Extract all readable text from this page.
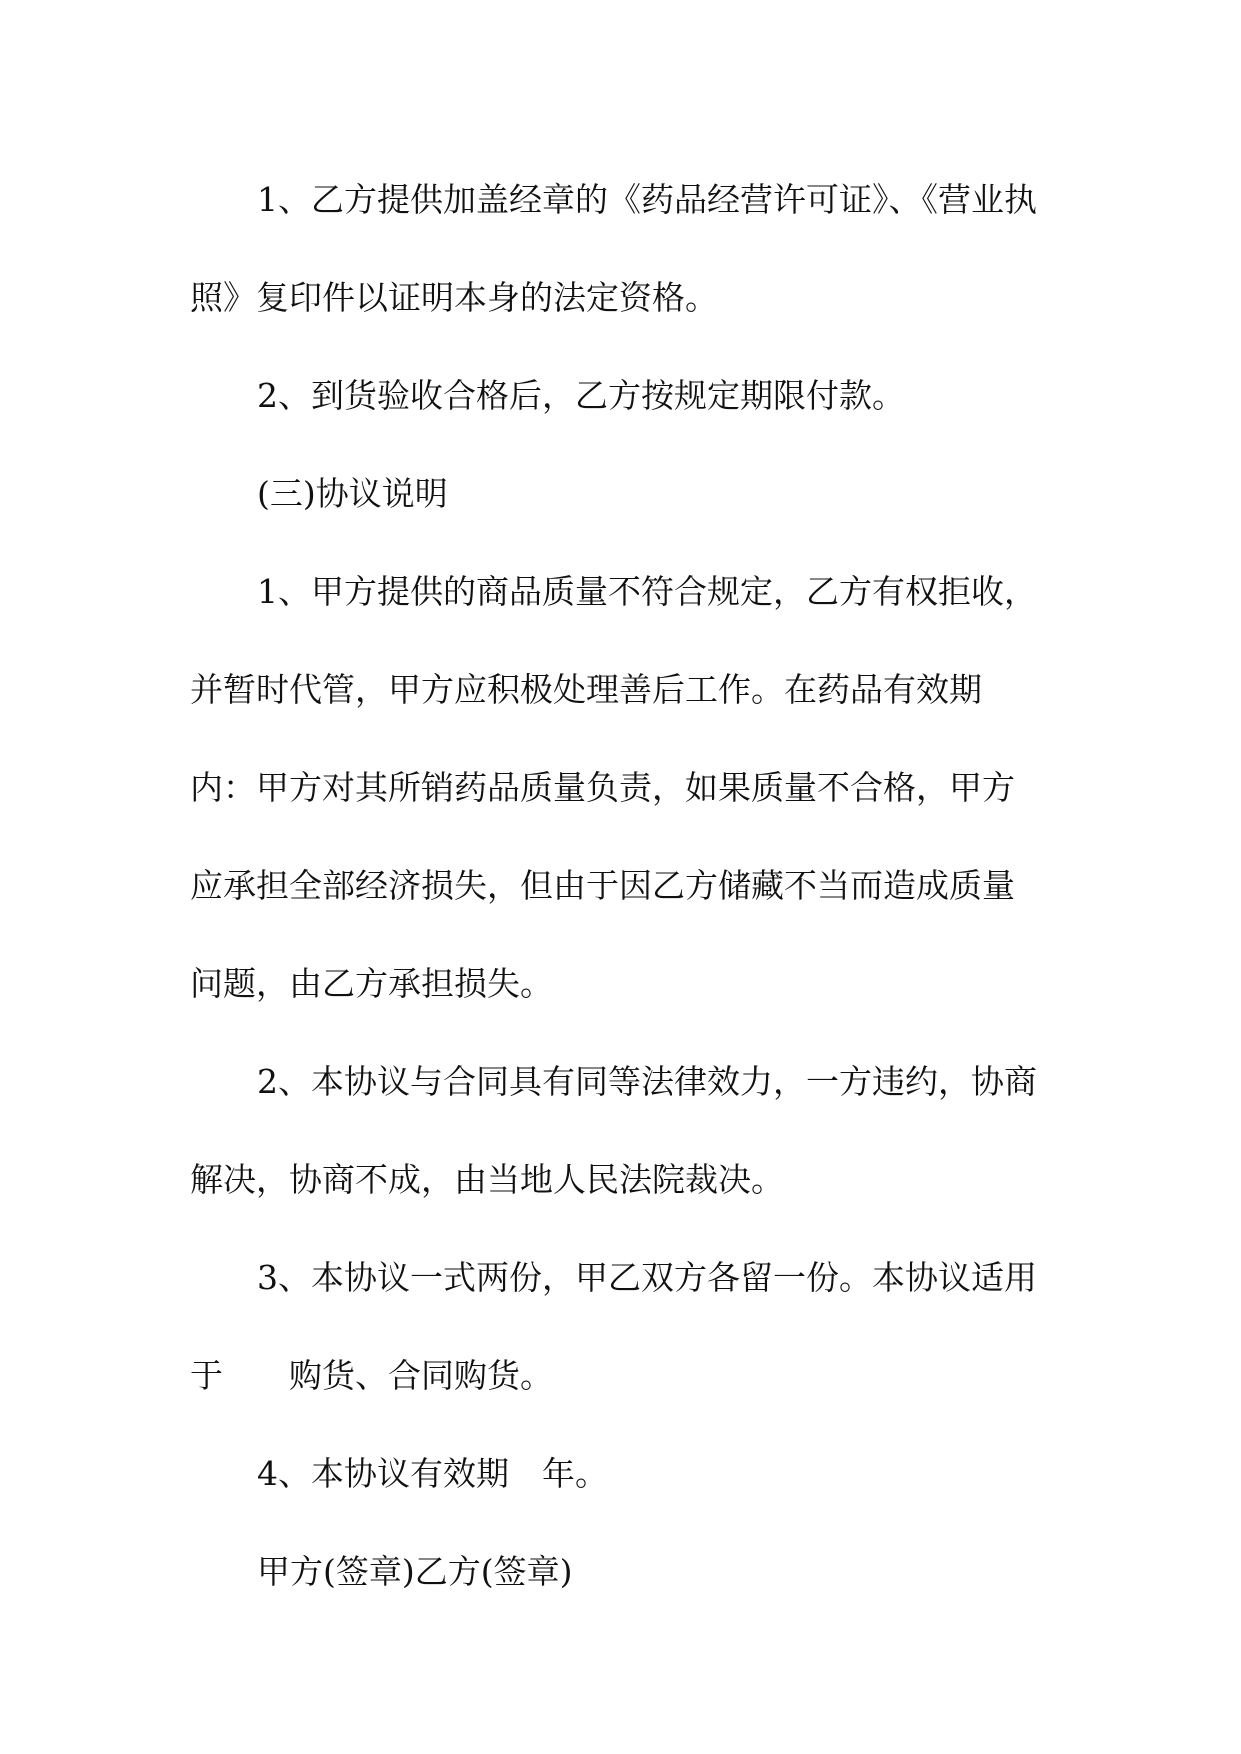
1、乙方提供加盖经章的《药品经营许可证》、《营业执

照》复印件以证明本身的法定资格。

2、到货验收合格后，乙方按规定期限付款。

(三)协议说明

1、甲方提供的商品质量不符合规定，乙方有权拒收，

并暂时代管，甲方应积极处理善后工作。在药品有效期

内：甲方对其所销药品质量负责，如果质量不合格，甲方

应承担全部经济损失，但由于因乙方储藏不当而造成质量

问题，由乙方承担损失。

2、本协议与合同具有同等法律效力，一方违约，协商

解决，协商不成，由当地人民法院裁决。

3、本协议一式两份，甲乙双方各留一份。本协议适用

于　　购货、合同购货。

4、本协议有效期　年。

甲方(签章)乙方(签章)
